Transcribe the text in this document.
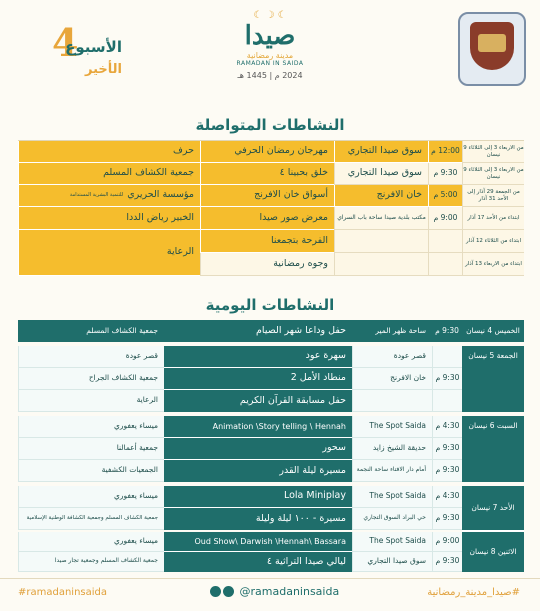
☾ ☽ ☾
صيدا
مدينة رمضانية
RAMADAN IN SAIDA
2024 م | 1445 هـ
4
الأسبوع
الأخير
النشاطات المتواصلة
من الاربعاء 3 إلى الثلاثاء 9 نيسان
12:00 م
سوق صيدا التجاري
مهرجان رمضان الحرفي
حرف
من الاربعاء 3 إلى الثلاثاء 9 نيسان
9:30 م
سوق صيدا التجاري
خلق بحبينا ٤
جمعية الكشاف المسلم
من الجمعة 29 آذار إلى الأحد 31 آذار
5:00 م
خان الافرنج
أسواق خان الافرنج
مؤسسة الحريري
للتنمية البشرية المستدامة
ابتداء من الأحد 17 آذار
9:00 م
مكتب بلدية صيدا ساحة باب السراي
معرض صور صيدا
الخبير رياض الددا
ابتداء من الثلاثاء 12 آذار
الفرحة بتجمعنا
الرعاية
ابتداء من الاربعاء 13 آذار
وجوه رمضانية
النشاطات اليومية
الخميس 4 نيسان
9:30 م
ساحة ظهر المير
حفل وداعا شهر الصيام
جمعية الكشاف المسلم
الجمعة 5 نيسان
قصر عودة
سهرة عود
قصر عودة
9:30 م
خان الافرنج
منطاد الأمل 2
جمعية الكشاف الجراح
حفل مسابقة القرآن الكريم
الرعاية
السبت 6 نيسان
4:30 م
The Spot Saida
Animation \Story telling \ Hennah
ميساء يعفوري
9:30 م
حديقة الشيخ زايد
سحور
جمعية أعمالنا
9:30 م
أمام دار الافتاء ساحة النجمة
مسيرة ليلة القدر
الجمعيات الكشفية
الأحد 7 نيسان
4:30 م
The Spot Saida
Lola Miniplay
ميساء يعفوري
9:30 م
حي البراد السوق التجاري
مسيرة - ١٠٠ ليلة وليلة
جمعية الكشاف المسلم وجمعية الكشافة الوطنية الإسلامية
الاثنين 8 نيسان
9:00 م
The Spot Saida
Oud Show\ Darwish \Hennah\ Bassara
ميساء يعفوري
9:30 م
سوق صيدا التجاري
ليالي صيدا التراثية ٤
جمعية الكشاف المسلم وجمعية تجار صيدا
#ramadaninsaida	@ramadaninsaida	#صيدا_مدينة_رمضانية
